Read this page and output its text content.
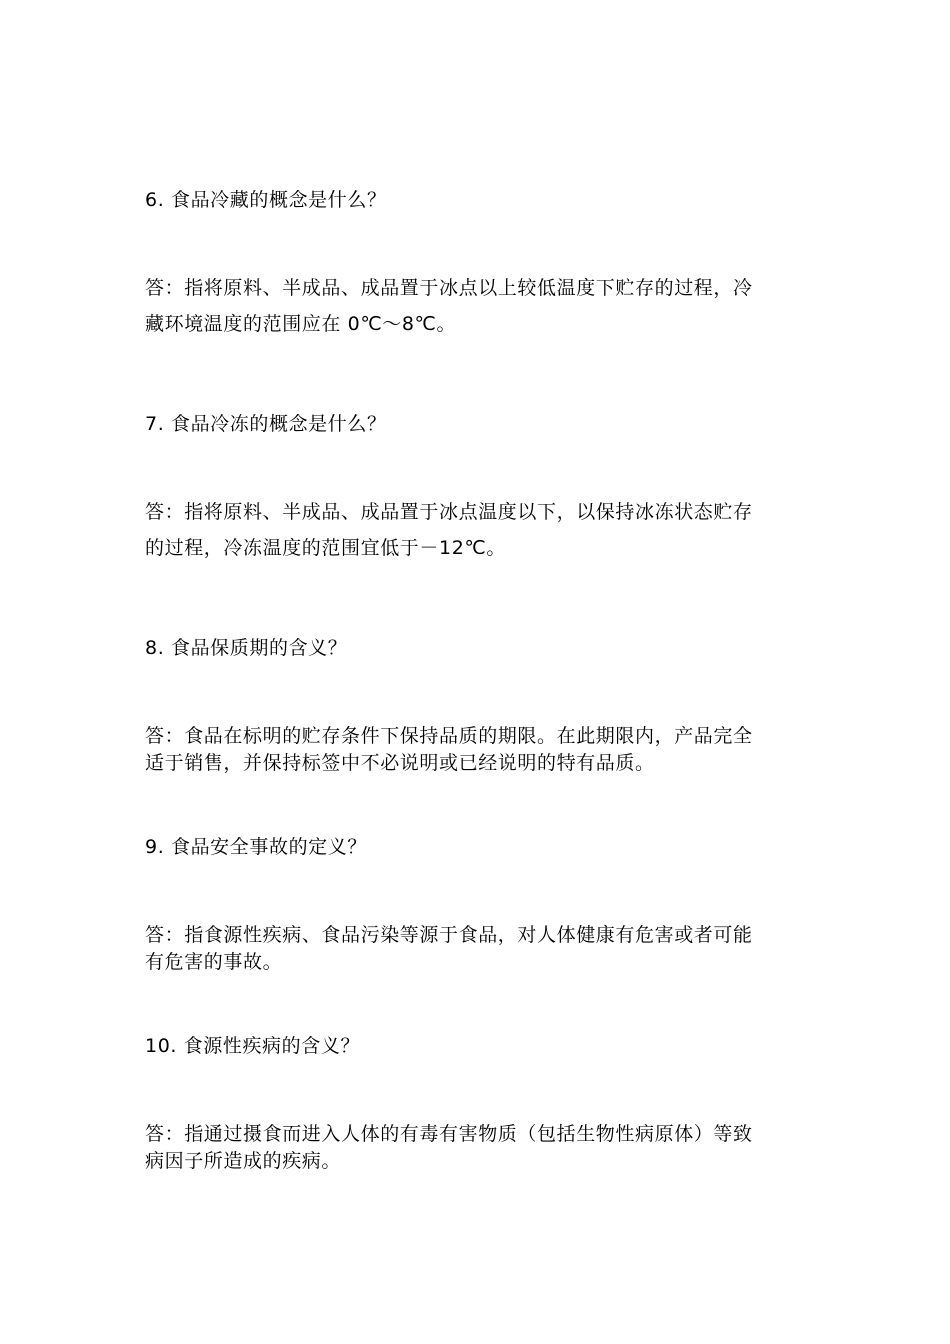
6. 食品冷藏的概念是什么？
答：指将原料、半成品、成品置于冰点以上较低温度下贮存的过程，冷
藏环境温度的范围应在 0℃～8℃。
7. 食品冷冻的概念是什么？
答：指将原料、半成品、成品置于冰点温度以下，以保持冰冻状态贮存
的过程，冷冻温度的范围宜低于－12℃。
8. 食品保质期的含义？
答：食品在标明的贮存条件下保持品质的期限。在此期限内，产品完全
适于销售，并保持标签中不必说明或已经说明的特有品质。
9. 食品安全事故的定义？
答：指食源性疾病、食品污染等源于食品，对人体健康有危害或者可能
有危害的事故。
10. 食源性疾病的含义？
答：指通过摄食而进入人体的有毒有害物质（包括生物性病原体）等致
病因子所造成的疾病。
